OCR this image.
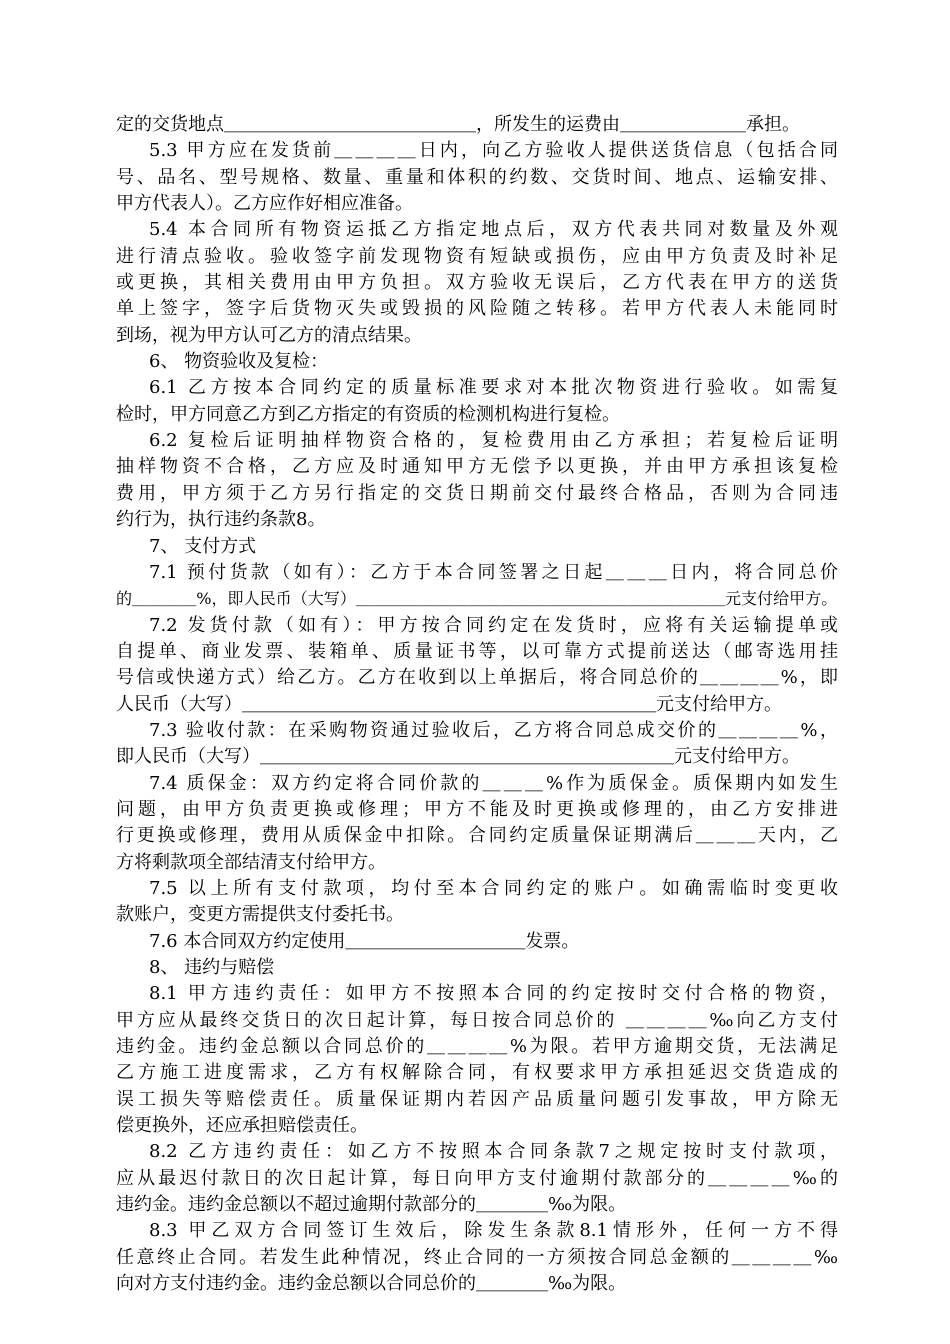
定的交货地点＿＿＿＿＿＿＿＿＿＿＿＿＿＿，所发生的运费由＿＿＿＿＿＿＿承担。
5.3 甲方应在发货前＿＿＿＿日内，向乙方验收人提供送货信息（包括合同
号、品名、型号规格、数量、重量和体积的约数、交货时间、地点、运输安排、
甲方代表人）。乙方应作好相应准备。
5.4 本合同所有物资运抵乙方指定地点后，双方代表共同对数量及外观
进行清点验收。验收签字前发现物资有短缺或损伤，应由甲方负责及时补足
或更换，其相关费用由甲方负担。双方验收无误后，乙方代表在甲方的送货
单上签字，签字后货物灭失或毁损的风险随之转移。若甲方代表人未能同时
到场，视为甲方认可乙方的清点结果。
6、 物资验收及复检：
6.1 乙方按本合同约定的质量标准要求对本批次物资进行验收。如需复
检时，甲方同意乙方到乙方指定的有资质的检测机构进行复检。
6.2 复检后证明抽样物资合格的，复检费用由乙方承担；若复检后证明
抽样物资不合格，乙方应及时通知甲方无偿予以更换，并由甲方承担该复检
费用，甲方须于乙方另行指定的交货日期前交付最终合格品，否则为合同违
约行为，执行违约条款8。
7、 支付方式
7.1 预付货款（如有）：乙方于本合同签署之日起＿＿＿日内，将合同总价
的＿＿＿＿%，即人民币（大写）＿＿＿＿＿＿＿＿＿＿＿＿＿＿＿＿＿＿＿＿＿＿＿元支付给甲方。
7.2 发货付款（如有）：甲方按合同约定在发货时，应将有关运输提单或
自提单、商业发票、装箱单、质量证书等，以可靠方式提前送达（邮寄选用挂
号信或快递方式）给乙方。乙方在收到以上单据后，将合同总价的＿＿＿＿%，即
人民币（大写）＿＿＿＿＿＿＿＿＿＿＿＿＿＿＿＿＿＿＿＿＿＿＿元支付给甲方。
7.3 验收付款：在采购物资通过验收后，乙方将合同总成交价的＿＿＿＿%，
即人民币（大写）＿＿＿＿＿＿＿＿＿＿＿＿＿＿＿＿＿＿＿＿＿＿＿元支付给甲方。
7.4 质保金：双方约定将合同价款的＿＿＿%作为质保金。质保期内如发生
问题，由甲方负责更换或修理；甲方不能及时更换或修理的，由乙方安排进
行更换或修理，费用从质保金中扣除。合同约定质量保证期满后＿＿＿天内，乙
方将剩款项全部结清支付给甲方。
7.5 以上所有支付款项，均付至本合同约定的账户。如确需临时变更收
款账户，变更方需提供支付委托书。
7.6 本合同双方约定使用＿＿＿＿＿＿＿＿＿＿发票。
8、 违约与赔偿
8.1 甲方违约责任：如甲方不按照本合同的约定按时交付合格的物资，
甲方应从最终交货日的次日起计算，每日按合同总价的 ＿＿＿＿‰向乙方支付
违约金。违约金总额以合同总价的＿＿＿＿%为限。若甲方逾期交货，无法满足
乙方施工进度需求，乙方有权解除合同，有权要求甲方承担延迟交货造成的
误工损失等赔偿责任。质量保证期内若因产品质量问题引发事故，甲方除无
偿更换外，还应承担赔偿责任。
8.2 乙方违约责任：如乙方不按照本合同条款7之规定按时支付款项，
应从最迟付款日的次日起计算，每日向甲方支付逾期付款部分的＿＿＿＿‰的
违约金。违约金总额以不超过逾期付款部分的＿＿＿＿‰为限。
8.3 甲乙双方合同签订生效后，除发生条款8.1情形外，任何一方不得
任意终止合同。若发生此种情况，终止合同的一方须按合同总金额的＿＿＿＿‰
向对方支付违约金。违约金总额以合同总价的＿＿＿＿‰为限。
